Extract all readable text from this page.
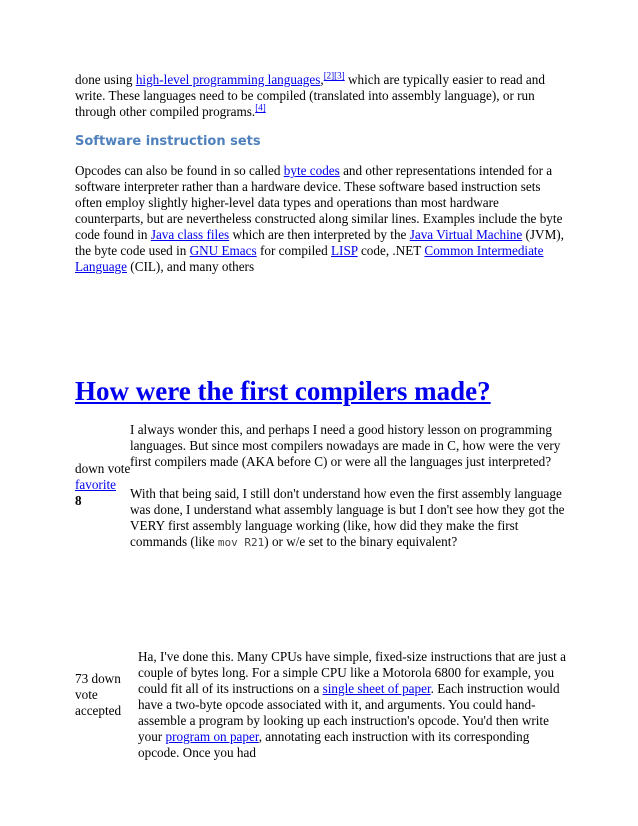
done using high-level programming languages,[2][3] which are typically easier to read and write. These languages need to be compiled (translated into assembly language), or run through other compiled programs.[4]

Software instruction sets

Opcodes can also be found in so called byte codes and other representations intended for a software interpreter rather than a hardware device. These software based instruction sets often employ slightly higher-level data types and operations than most hardware counterparts, but are nevertheless constructed along similar lines. Examples include the byte code found in Java class files which are then interpreted by the Java Virtual Machine (JVM), the byte code used in GNU Emacs for compiled LISP code, .NET Common Intermediate Language (CIL), and many others

How were the first compilers made?
down vote
favorite
8

I always wonder this, and perhaps I need a good history lesson on programming languages. But since most compilers nowadays are made in C, how were the very first compilers made (AKA before C) or were all the languages just interpreted?

With that being said, I still don't understand how even the first assembly language was done, I understand what assembly language is but I don't see how they got the VERY first assembly language working (like, how did they make the first commands (like mov R21) or w/e set to the binary equivalent?

73 down vote accepted

Ha, I've done this. Many CPUs have simple, fixed-size instructions that are just a couple of bytes long. For a simple CPU like a Motorola 6800 for example, you could fit all of its instructions on a single sheet of paper. Each instruction would have a two-byte opcode associated with it, and arguments. You could hand-assemble a program by looking up each instruction's opcode. You'd then write your program on paper, annotating each instruction with its corresponding opcode. Once you had
